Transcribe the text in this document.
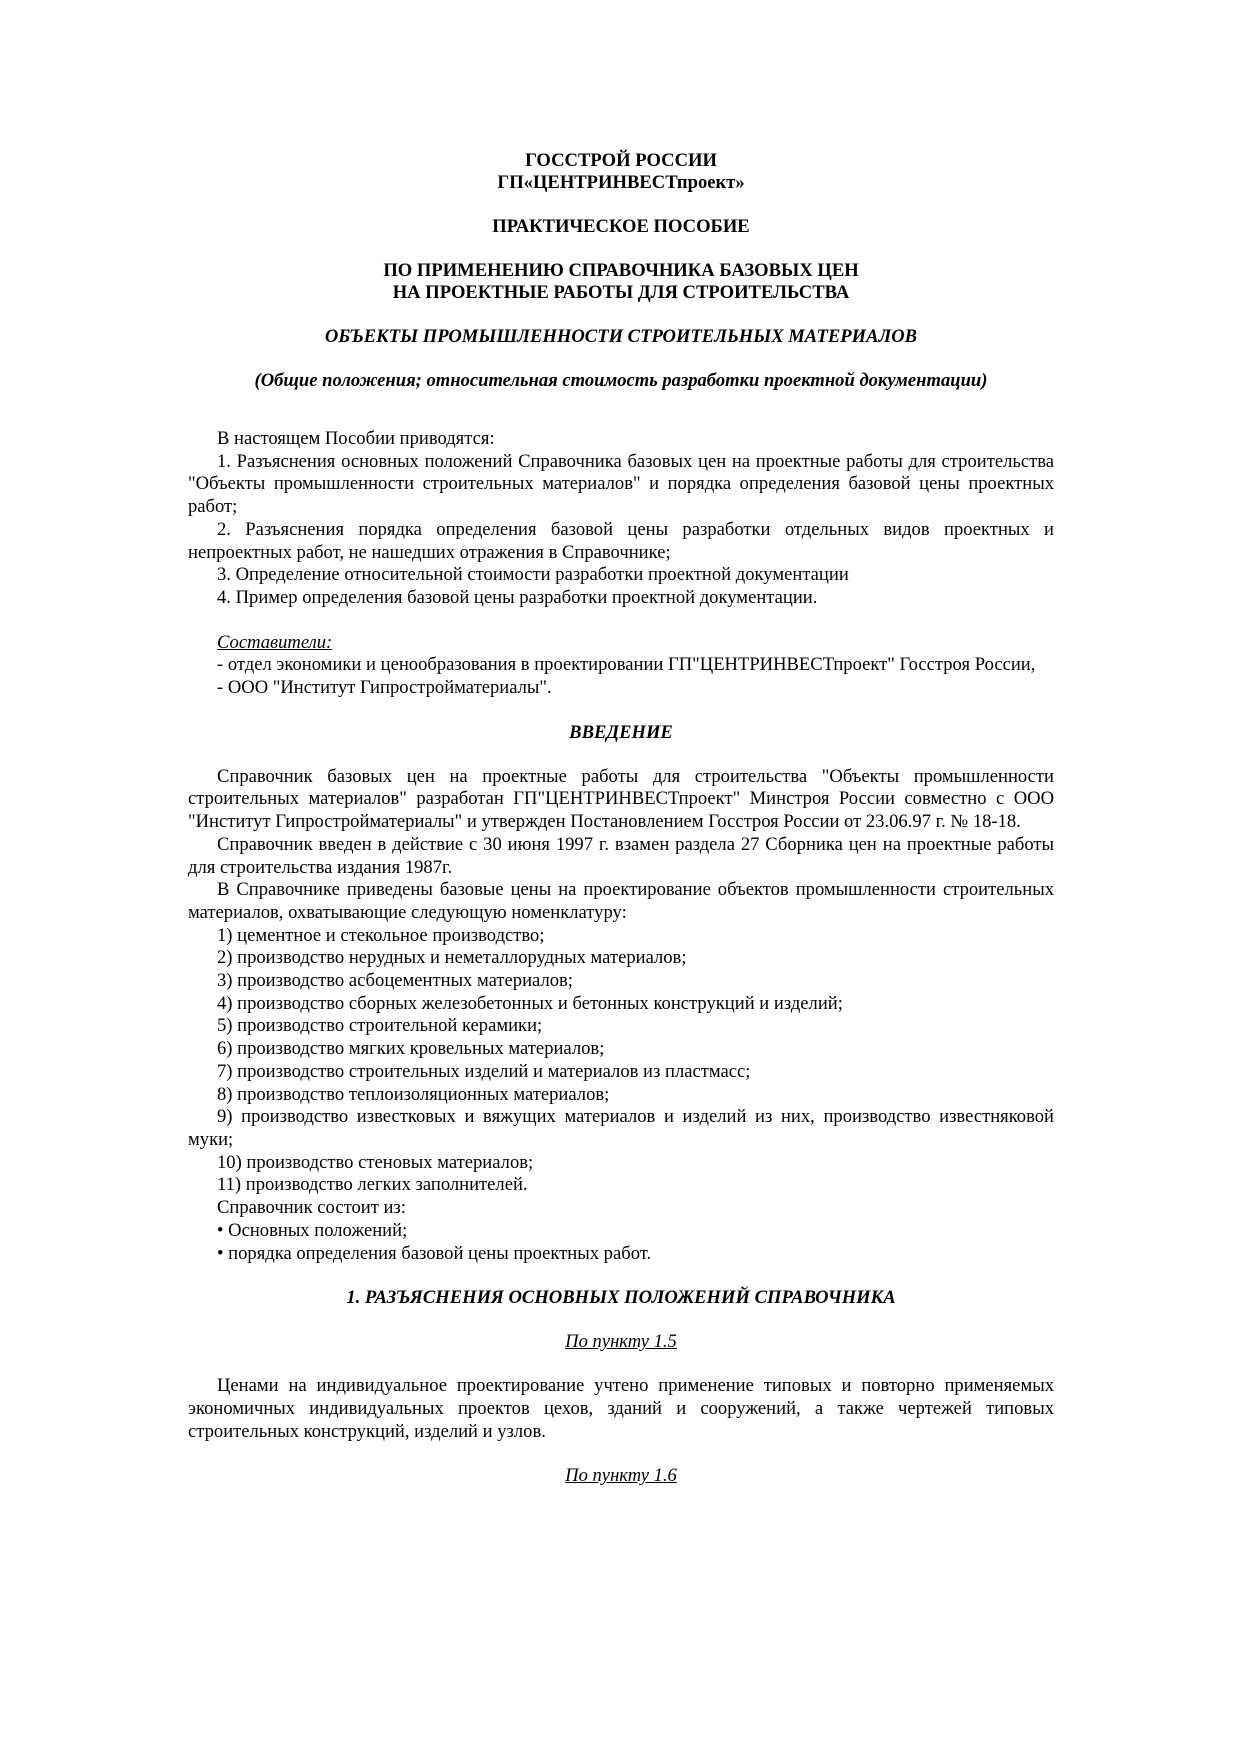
ГОССТРОЙ РОССИИ

ГП«ЦЕНТРИНВЕСТпроект»

ПРАКТИЧЕСКОЕ ПОСОБИЕ

ПО ПРИМЕНЕНИЮ СПРАВОЧНИКА БАЗОВЫХ ЦЕН

НА ПРОЕКТНЫЕ РАБОТЫ ДЛЯ СТРОИТЕЛЬСТВА

ОБЪЕКТЫ ПРОМЫШЛЕННОСТИ СТРОИТЕЛЬНЫХ МАТЕРИАЛОВ

(Общие положения; относительная стоимость разработки проектной документации)

В настоящем Пособии приводятся:

1. Разъяснения основных положений Справочника базовых цен на проектные работы для строительства "Объекты промышленности строительных материалов" и порядка определения базовой цены проектных работ;

2. Разъяснения порядка определения базовой цены разработки отдельных видов проектных и непроектных работ, не нашедших отражения в Справочнике;

3. Определение относительной стоимости разработки проектной документации

4. Пример определения базовой цены разработки проектной документации.

Составители:

- отдел экономики и ценообразования в проектировании ГП"ЦЕНТРИНВЕСТпроект" Госстроя России,

- ООО "Институт Гипростройматериалы".

ВВЕДЕНИЕ

Справочник базовых цен на проектные работы для строительства "Объекты промышленности строительных материалов" разработан ГП"ЦЕНТРИНВЕСТпроект" Минстроя России совместно с ООО "Институт Гипростройматериалы" и утвержден Постановлением Госстроя России от 23.06.97 г. № 18-18.

Справочник введен в действие с 30 июня 1997 г. взамен раздела 27 Сборника цен на проектные работы для строительства издания 1987г.

В Справочнике приведены базовые цены на проектирование объектов промышленности строительных материалов, охватывающие следующую номенклатуру:

1) цементное и стекольное производство;

2) производство нерудных и неметаллорудных материалов;

3) производство асбоцементных материалов;

4) производство сборных железобетонных и бетонных конструкций и изделий;

5) производство строительной керамики;

6) производство мягких кровельных материалов;

7) производство строительных изделий и материалов из пластмасс;

8) производство теплоизоляционных материалов;

9) производство известковых и вяжущих материалов и изделий из них, производство известняковой муки;

10) производство стеновых материалов;

11) производство легких заполнителей.

Справочник состоит из:

• Основных положений;

• порядка определения базовой цены проектных работ.

1. РАЗЪЯСНЕНИЯ ОСНОВНЫХ ПОЛОЖЕНИЙ СПРАВОЧНИКА

По пункту 1.5

Ценами на индивидуальное проектирование учтено применение типовых и повторно применяемых экономичных индивидуальных проектов цехов, зданий и сооружений, а также чертежей типовых строительных конструкций, изделий и узлов.

По пункту 1.6
